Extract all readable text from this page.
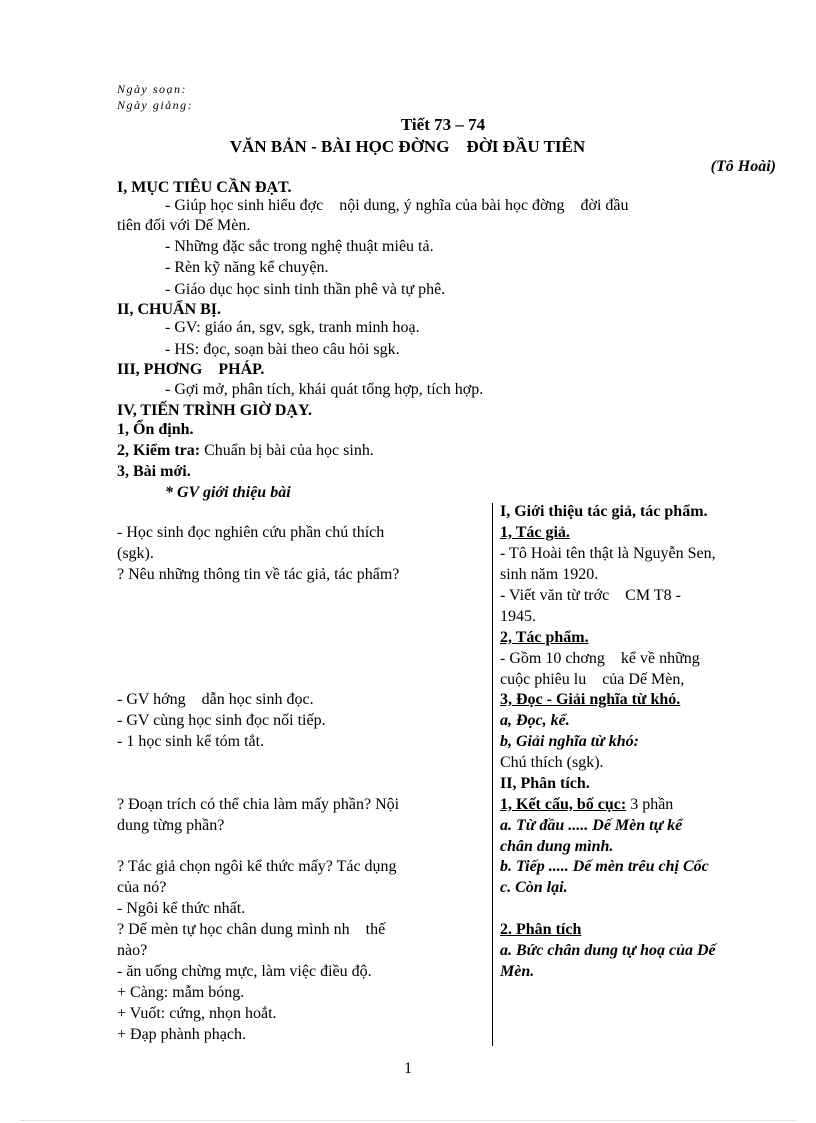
Ngày soạn:
Ngày giảng:
Tiết 73 – 74
VĂN BẢN - BÀI HỌC ĐỜNG    ĐỜI ĐẦU TIÊN
(Tô Hoài)
I, MỤC TIÊU CẦN ĐẠT.
- Giúp học sinh hiểu đợc    nội dung, ý nghĩa của bài học đờng    đời đầu
tiên đối với Dế Mèn.
- Những đặc sắc trong nghệ thuật miêu tả.
- Rèn kỹ năng kể chuyện.
- Giáo dục học sinh tinh thần phê và tự phê.
II, CHUẨN BỊ.
- GV: giáo án, sgv, sgk, tranh minh hoạ.
- HS: đọc, soạn bài theo câu hỏi sgk.
III, PHƠNG    PHÁP.
- Gợi mở, phân tích, khái quát tổng hợp, tích hợp.
IV, TIẾN TRÌNH GIỜ DẠY.
1, Ổn định.
2, Kiểm tra: Chuẩn bị bài của học sinh.
3, Bài mới.
* GV giới thiệu bài
- Học sinh đọc nghiên cứu phần chú thích
(sgk).
? Nêu những thông tin về tác giả, tác phẩm?
- GV hớng    dẫn học sinh đọc.
- GV cùng học sinh đọc nối tiếp.
- 1 học sinh kể tóm tắt.
? Đoạn trích có thể chia làm mấy phần? Nội
dung từng phần?
? Tác giả chọn ngôi kể thức mấy? Tác dụng
của nó?
- Ngôi kể thức nhất.
? Dế mèn tự học chân dung mình nh    thế
nào?
- ăn uống chừng mực, làm việc điều độ.
+ Càng: mẫm bóng.
+ Vuốt: cứng, nhọn hoắt.
+ Đạp phành phạch.
I, Giới thiệu tác giả, tác phẩm.
1, Tác giả.
- Tô Hoài tên thật là Nguyễn Sen,
sinh năm 1920.
- Viết văn từ trớc    CM T8 -
1945.
2, Tác phẩm.
- Gồm 10 chơng    kể về những
cuộc phiêu lu    của Dế Mèn,
3, Đọc - Giải nghĩa từ khó.
a, Đọc, kể.
b, Giải nghĩa từ khó:
Chú thích (sgk).
II, Phân tích.
1, Kết cấu, bố cục: 3 phần
a. Từ đầu ..... Dế Mèn tự kể
chân dung mình.
b. Tiếp ..... Dế mèn trêu chị Cốc
c. Còn lại.
2. Phân tích
a. Bức chân dung tự hoạ của Dế
Mèn.
1
